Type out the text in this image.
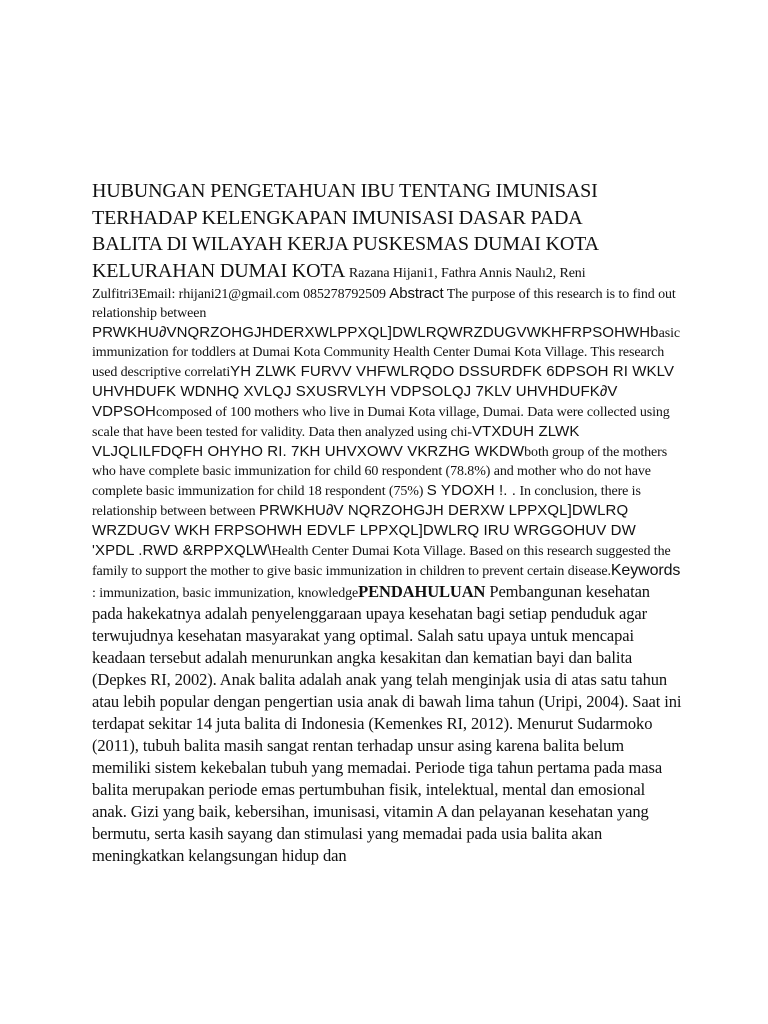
HUBUNGAN PENGETAHUAN IBU TENTANG IMUNISASI
TERHADAP KELENGKAPAN IMUNISASI DASAR PADA
BALITA DI WILAYAH KERJA PUSKESMAS DUMAI KOTA
KELURAHAN DUMAI KOTA Razana Hijani1, Fathra Annis Naulı2, Reni
Zulfitri3Email: rhijani21@gmail.com 085278792509 Abstract The purpose of this research is to find out relationship between PRWKHU∂VNQRZOHGJHDERXWLPPXQL]DWLRQWRZDUGVWKHFRPSOHWHbasic immunization for toddlers at Dumai Kota Community Health Center Dumai Kota Village. This research used descriptive correlatiYH ZLWK FURVV VHFWLRQDO DSSURDFK 6DPSOH RI WKLV UHVHDUFK WDNHQ XVLQJ SXUSRVLYH VDPSOLQJ 7KLV UHVHDUFK∂V VDPSOHcomposed of 100 mothers who live in Dumai Kota village, Dumai. Data were collected using scale that have been tested for validity. Data then analyzed using chi-VTXDUH ZLWK VLJQLILFDQFH OHYHO RI. 7KH UHVXOWV VKRZHG WKDWboth group of the mothers who have complete basic immunization for child 60 respondent (78.8%) and mother who do not have complete basic immunization for child 18 respondent (75%) S YDOXH !. . In conclusion, there is relationship between between PRWKHU∂V NQRZOHGJH DERXW LPPXQL]DWLRQ WRZDUGV WKH FRPSOHWH EDVLF LPPXQL]DWLRQ IRU WRGGOHUV DW 'XPDL .RWD &RPPXQLW\Health Center Dumai Kota Village. Based on this research suggested the family to support the mother to give basic immunization in children to prevent certain disease.Keywords : immunization, basic immunization, knowledgePENDAHULUAN Pembangunan kesehatan pada hakekatnya adalah penyelenggaraan upaya kesehatan bagi setiap penduduk agar terwujudnya kesehatan masyarakat yang optimal. Salah satu upaya untuk mencapai keadaan tersebut adalah menurunkan angka kesakitan dan kematian bayi dan balita (Depkes RI, 2002). Anak balita adalah anak yang telah menginjak usia di atas satu tahun atau lebih popular dengan pengertian usia anak di bawah lima tahun (Uripi, 2004). Saat ini terdapat sekitar 14 juta balita di Indonesia (Kemenkes RI, 2012). Menurut Sudarmoko (2011), tubuh balita masih sangat rentan terhadap unsur asing karena balita belum memiliki sistem kekebalan tubuh yang memadai. Periode tiga tahun pertama pada masa balita merupakan periode emas pertumbuhan fisik, intelektual, mental dan emosional anak. Gizi yang baik, kebersihan, imunisasi, vitamin A dan pelayanan kesehatan yang bermutu, serta kasih sayang dan stimulasi yang memadai pada usia balita akan meningkatkan kelangsungan hidup dan
